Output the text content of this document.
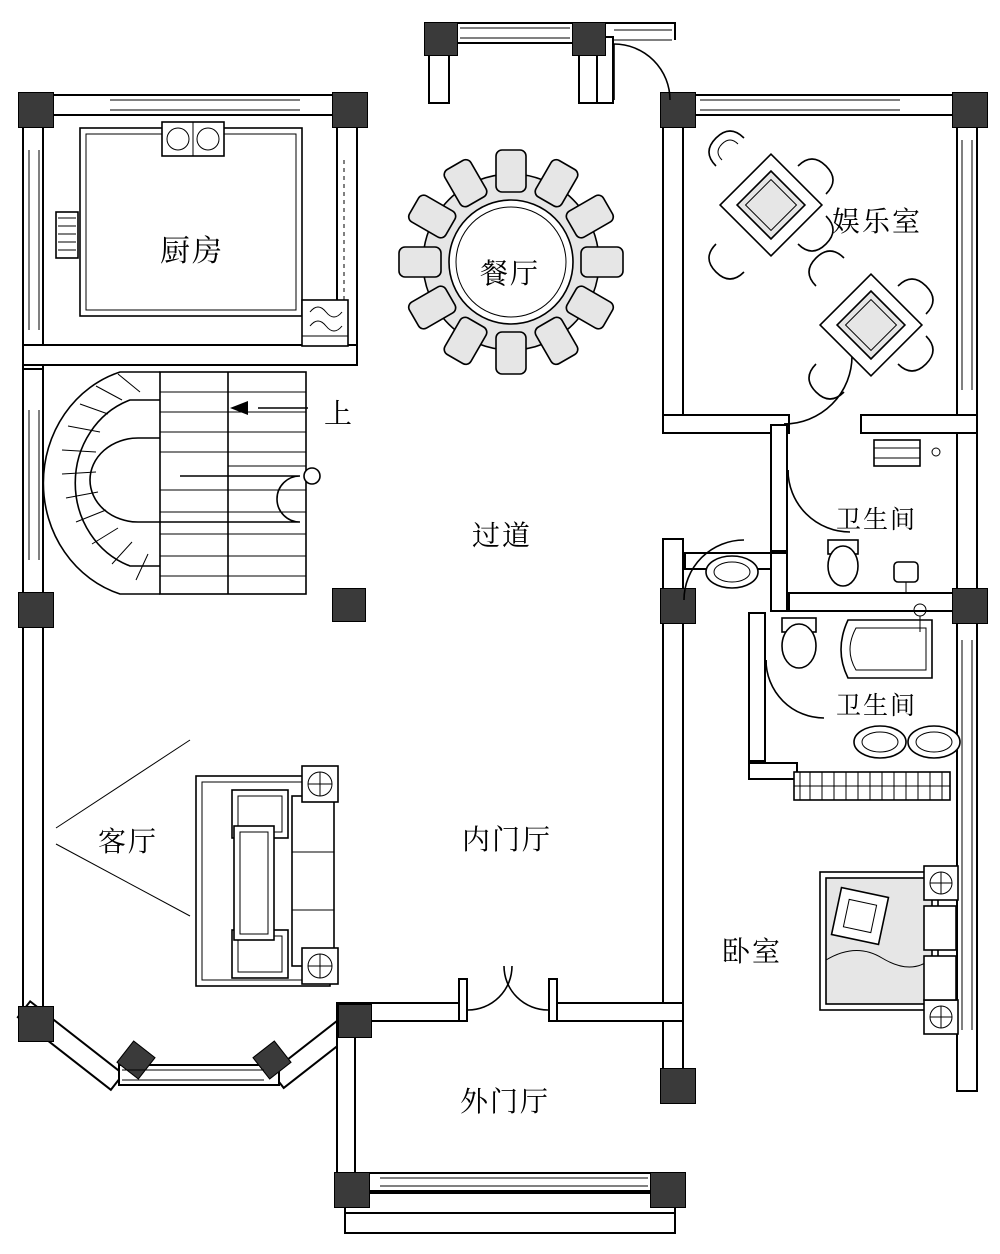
厨房
餐厅
娱乐室
过道	卫生间
卫生间
客厅	内门厅
卧室
外门厅
上
